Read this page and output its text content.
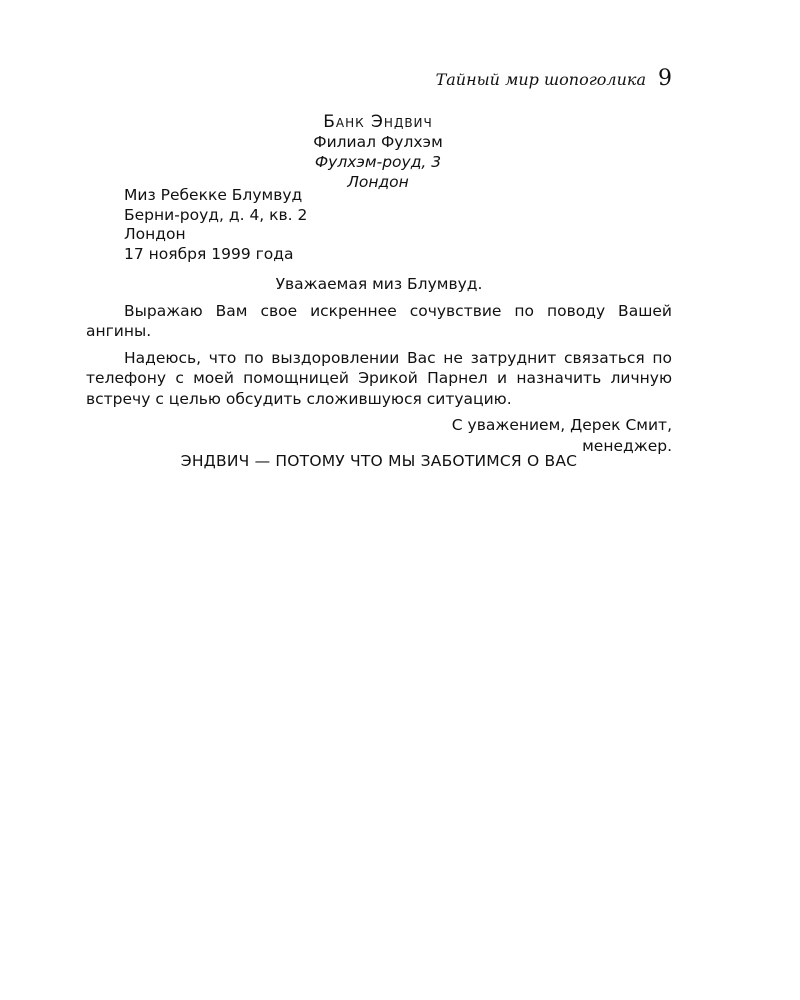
Тайный мир шопоголика 9
Банк Эндвич
Филиал Фулхэм
Фулхэм-роуд, 3
Лондон
Миз Ребекке Блумвуд
Берни-роуд, д. 4, кв. 2
Лондон
17 ноября 1999 года

Уважаемая миз Блумвуд.

Выражаю Вам свое искреннее сочувствие по поводу Вашей ангины.

Надеюсь, что по выздоровлении Вас не затруднит связаться по телефону с моей помощницей Эрикой Парнел и назначить личную встречу с целью обсудить сложившуюся ситуацию.

С уважением, Дерек Смит,

менеджер.

ЭНДВИЧ — ПОТОМУ ЧТО МЫ ЗАБОТИМСЯ О ВАС
